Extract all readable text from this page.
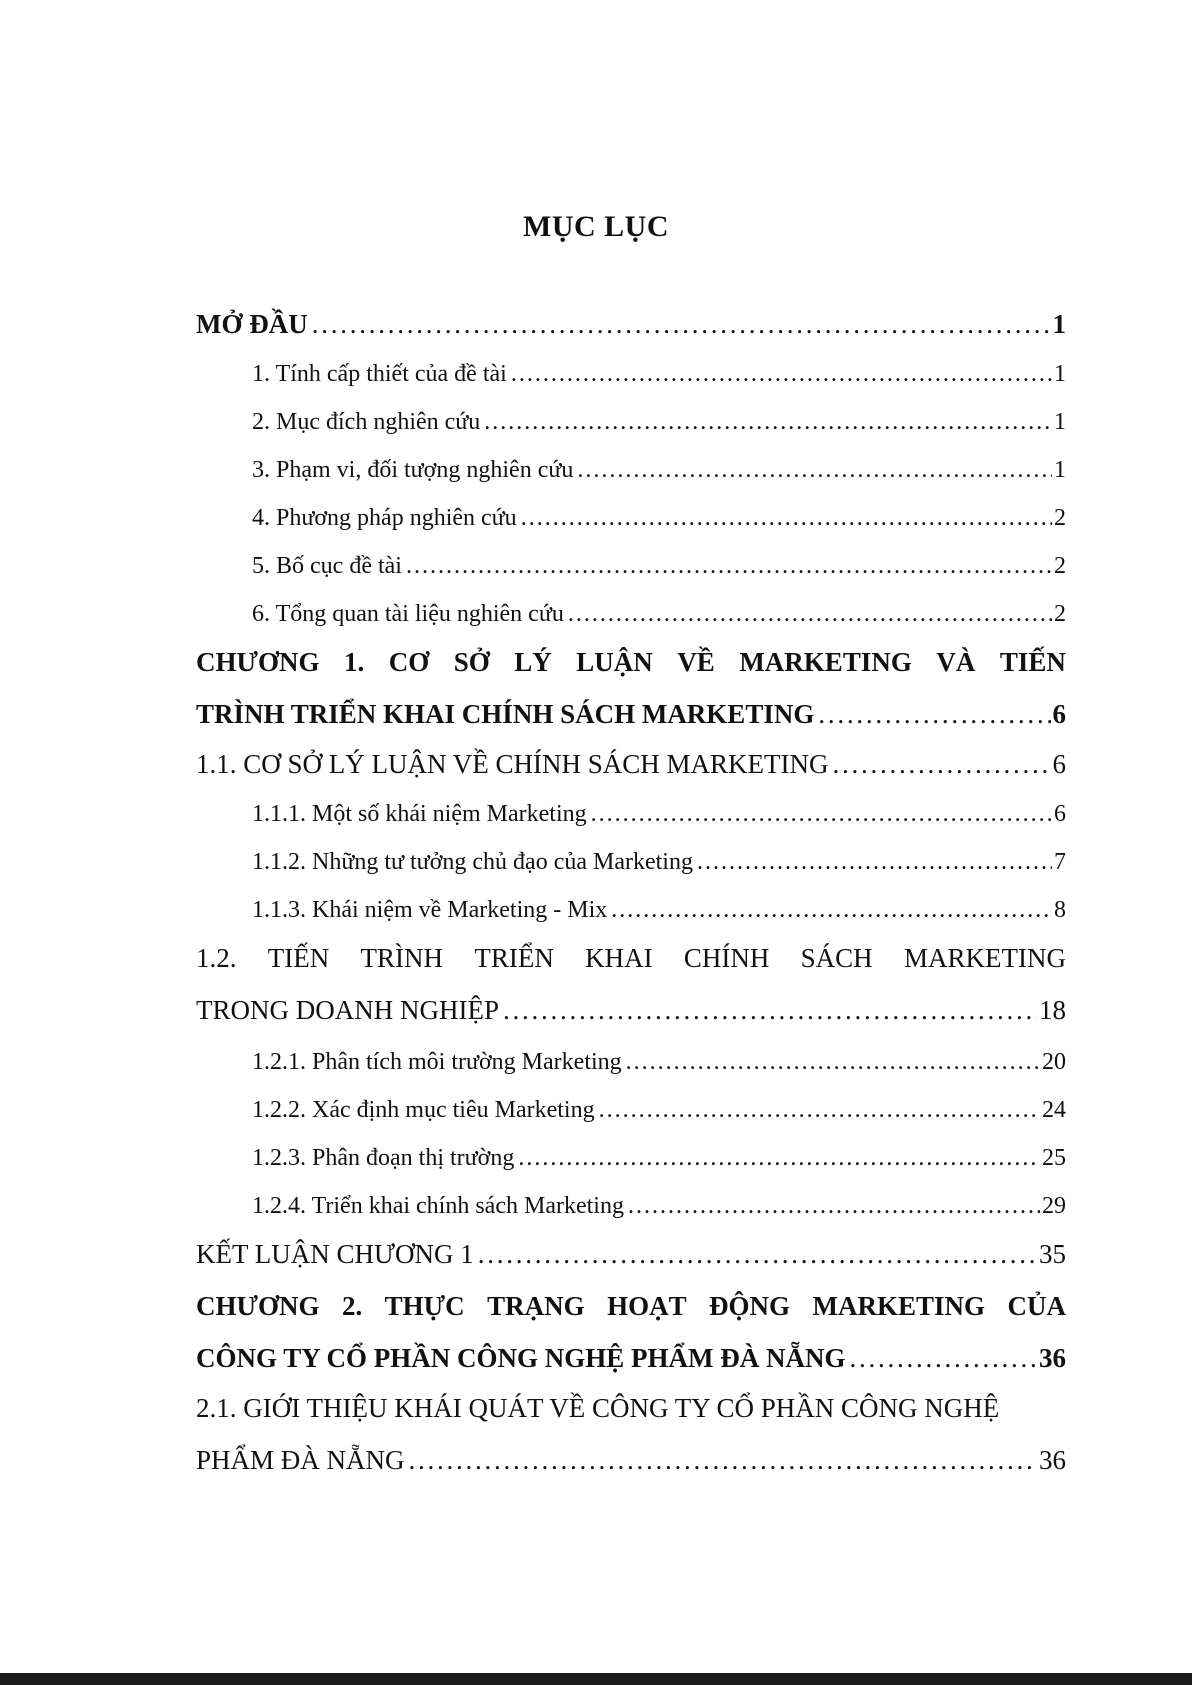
MỤC LỤC
MỞ ĐẦU . . .	1
1. Tính cấp thiết của đề tài . . .	1
2. Mục đích nghiên cứu . . .	1
3. Phạm vi, đối tượng nghiên cứu . . .	1
4. Phương pháp nghiên cứu . . .	2
5. Bố cục đề tài . . .	2
6. Tổng quan tài liệu nghiên cứu . . .	2
CHƯƠNG 1. CƠ SỞ LÝ LUẬN VỀ MARKETING VÀ TIẾN
TRÌNH TRIỂN KHAI CHÍNH SÁCH MARKETING . . .	6
1.1. CƠ SỞ LÝ LUẬN VỀ CHÍNH SÁCH MARKETING . . .	6
1.1.1. Một số khái niệm Marketing . . .	6
1.1.2. Những tư tưởng chủ đạo của Marketing . . .	7
1.1.3. Khái niệm về Marketing - Mix . . .	8
1.2. TIẾN TRÌNH TRIỂN KHAI CHÍNH SÁCH MARKETING
TRONG DOANH NGHIỆP . . .	18
1.2.1. Phân tích môi trường Marketing . . .	20
1.2.2. Xác định mục tiêu Marketing . . .	24
1.2.3. Phân đoạn thị trường . . .	25
1.2.4. Triển khai chính sách Marketing . . .	29
KẾT LUẬN CHƯƠNG 1 . . .	35
CHƯƠNG 2. THỰC TRẠNG HOẠT ĐỘNG MARKETING CỦA
CÔNG TY CỔ PHẦN CÔNG NGHỆ PHẨM ĐÀ NẴNG . . .	36
2.1. GIỚI THIỆU KHÁI QUÁT VỀ CÔNG TY CỔ PHẦN CÔNG NGHỆ
PHẨM ĐÀ NẴNG . . .	36
